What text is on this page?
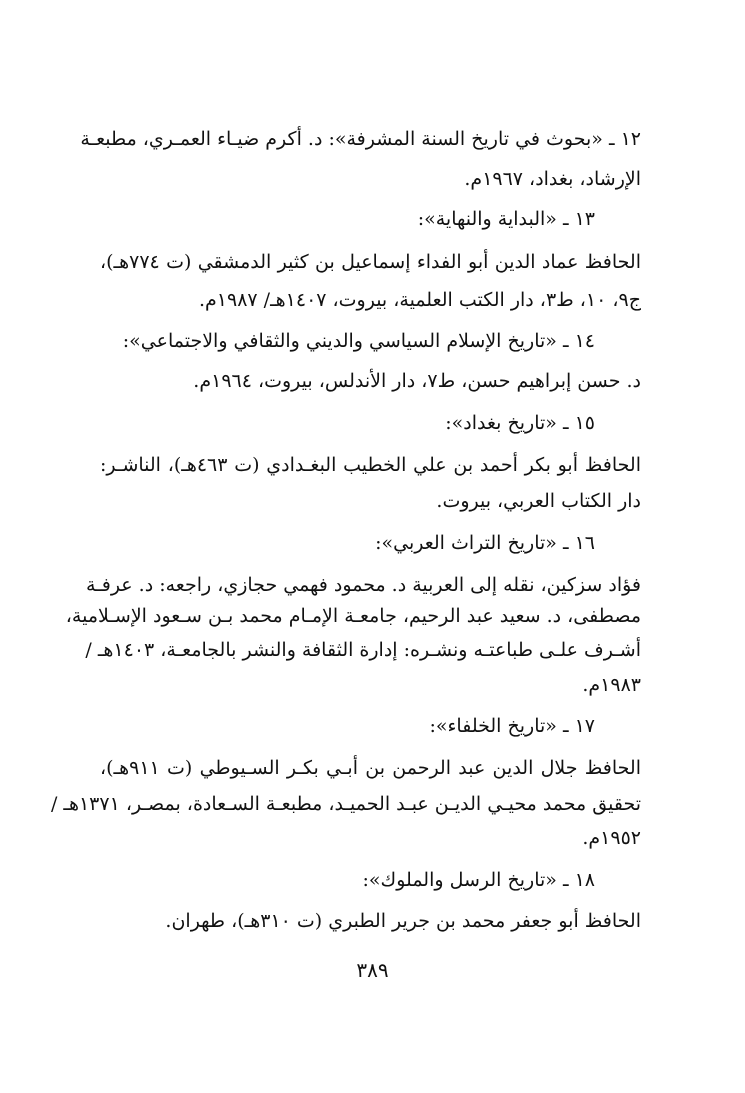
١٢ ـ «بحوث في تاريخ السنة المشرفة»: د. أكرم ضيـاء العمـري، مطبعـة
الإرشاد، بغداد، ١٩٦٧م.
١٣ ـ «البداية والنهاية»:
الحافظ عماد الدين أبو الفداء إسماعيل بن كثير الدمشقي (ت ٧٧٤هـ)،
ج٩، ١٠، ط٣، دار الكتب العلمية، بيروت، ١٤٠٧هـ/ ١٩٨٧م.
١٤ ـ «تاريخ الإسلام السياسي والديني والثقافي والاجتماعي»:
د. حسن إبراهيم حسن، ط٧، دار الأندلس، بيروت، ١٩٦٤م.
١٥ ـ «تاريخ بغداد»:
الحافظ أبو بكر أحمد بن علي الخطيب البغـدادي (ت ٤٦٣هـ)، الناشـر:
دار الكتاب العربي، بيروت.
١٦ ـ «تاريخ التراث العربي»:
فؤاد سزكين، نقله إلى العربية د. محمود فهمي حجازي، راجعه: د. عرفـة
مصطفى، د. سعيد عبد الرحيم، جامعـة الإمـام محمد بـن سـعود الإسـلامية،
أشـرف علـى طباعتـه ونشـره: إدارة الثقافة والنشر بالجامعـة، ١٤٠٣هـ /
١٩٨٣م.
١٧ ـ «تاريخ الخلفاء»:
الحافظ جلال الدين عبد الرحمن بن أبـي بكـر السـيوطي (ت ٩١١هـ)،
تحقيق محمد محيـي الديـن عبـد الحميـد، مطبعـة السـعادة، بمصـر، ١٣٧١هـ /
١٩٥٢م.
١٨ ـ «تاريخ الرسل والملوك»:
الحافظ أبو جعفر محمد بن جرير الطبري (ت ٣١٠هـ)، طهران.
٣٨٩
